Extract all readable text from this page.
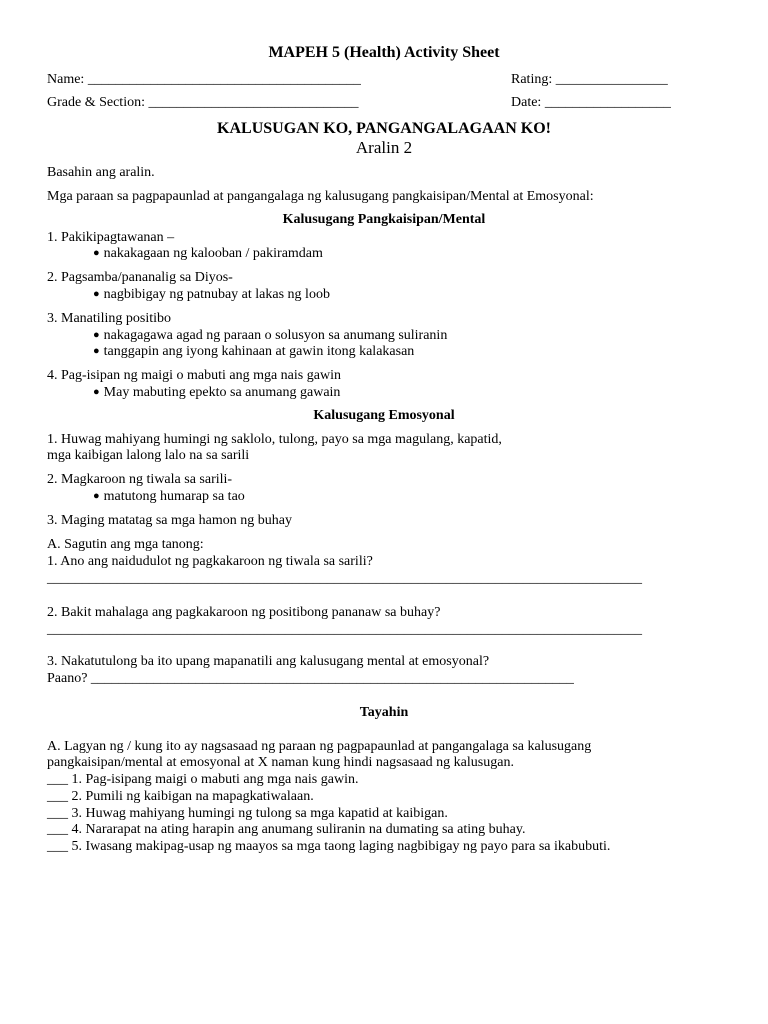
MAPEH 5 (Health) Activity Sheet
Name: _______________________________________	Rating: ________________
Grade & Section: ______________________________	Date: __________________
KALUSUGAN KO, PANGANGALAGAAN KO!
Aralin 2
Basahin ang aralin.
Mga paraan sa pagpapaunlad at pangangalaga ng kalusugang pangkaisipan/Mental at Emosyonal:
Kalusugang Pangkaisipan/Mental
1. Pakikipagtawanan –
● nakakagaan ng kalooban / pakiramdam
2. Pagsamba/pananalig sa Diyos-
● nagbibigay ng patnubay at lakas ng loob
3. Manatiling positibo
● nakagagawa agad ng paraan o solusyon sa anumang suliranin
● tanggapin ang iyong kahinaan at gawin itong kalakasan
4. Pag-isipan ng maigi o mabuti ang mga nais gawin
● May mabuting epekto sa anumang gawain
Kalusugang Emosyonal
1. Huwag mahiyang humingi ng saklolo, tulong, payo sa mga magulang, kapatid,
mga kaibigan lalong lalo na sa sarili
2. Magkaroon ng tiwala sa sarili-
● matutong humarap sa tao
3. Maging matatag sa mga hamon ng buhay
A. Sagutin ang mga tanong:
1. Ano ang naidudulot ng pagkakaroon ng tiwala sa sarili?
_____________________________________________________________________________________
2. Bakit mahalaga ang pagkakaroon ng positibong pananaw sa buhay?
_____________________________________________________________________________________
3. Nakatutulong ba ito upang mapanatili ang kalusugang mental at emosyonal?
Paano? _____________________________________________________________________
Tayahin
A. Lagyan ng / kung ito ay nagsasaad ng paraan ng pagpapaunlad at pangangalaga sa kalusugang
pangkaisipan/mental at emosyonal at X naman kung hindi nagsasaad ng kalusugan.
___ 1. Pag-isipang maigi o mabuti ang mga nais gawin.
___ 2. Pumili ng kaibigan na mapagkatiwalaan.
___ 3. Huwag mahiyang humingi ng tulong sa mga kapatid at kaibigan.
___ 4. Nararapat na ating harapin ang anumang suliranin na dumating sa ating buhay.
___ 5. Iwasang makipag-usap ng maayos sa mga taong laging nagbibigay ng payo para sa ikabubuti.
